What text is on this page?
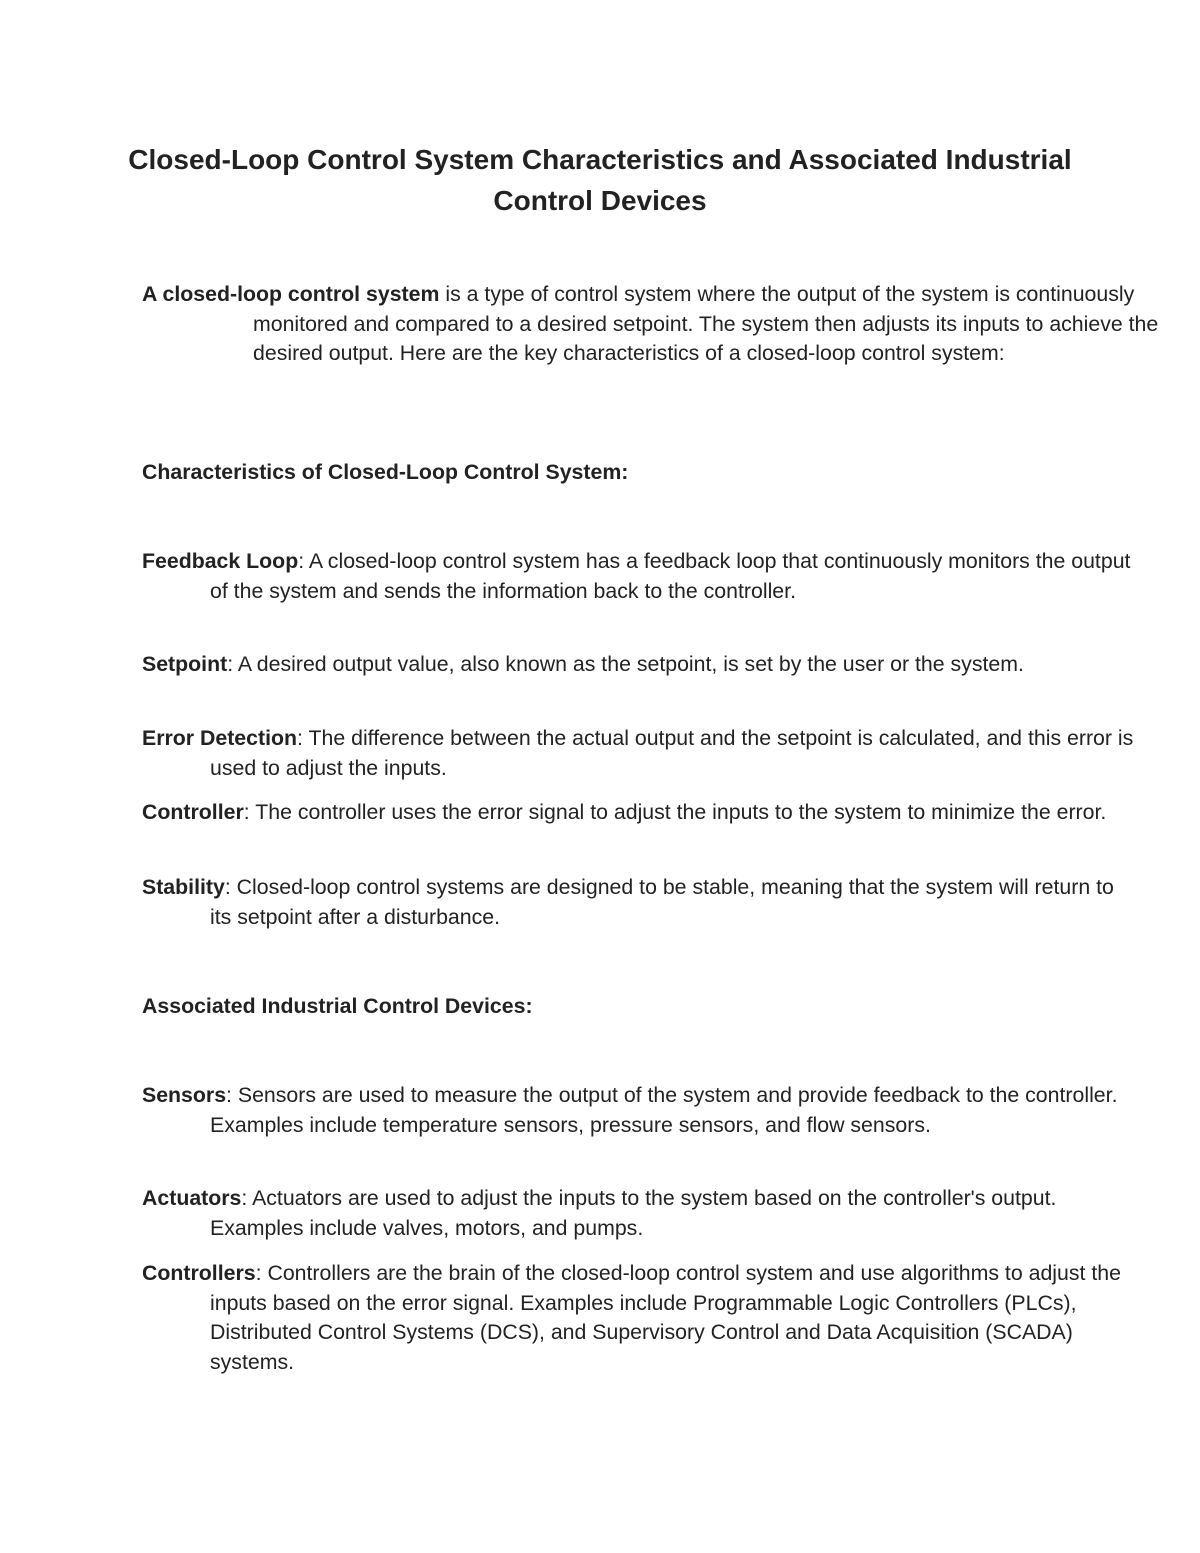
Closed-Loop Control System Characteristics and Associated Industrial Control Devices

A closed-loop control system is a type of control system where the output of the system is continuously monitored and compared to a desired setpoint. The system then adjusts its inputs to achieve the desired output. Here are the key characteristics of a closed-loop control system:

Characteristics of Closed-Loop Control System:

Feedback Loop: A closed-loop control system has a feedback loop that continuously monitors the output of the system and sends the information back to the controller.

Setpoint: A desired output value, also known as the setpoint, is set by the user or the system.

Error Detection: The difference between the actual output and the setpoint is calculated, and this error is used to adjust the inputs.

Controller: The controller uses the error signal to adjust the inputs to the system to minimize the error.

Stability: Closed-loop control systems are designed to be stable, meaning that the system will return to its setpoint after a disturbance.

Associated Industrial Control Devices:

Sensors: Sensors are used to measure the output of the system and provide feedback to the controller. Examples include temperature sensors, pressure sensors, and flow sensors.

Actuators: Actuators are used to adjust the inputs to the system based on the controller's output. Examples include valves, motors, and pumps.

Controllers: Controllers are the brain of the closed-loop control system and use algorithms to adjust the inputs based on the error signal. Examples include Programmable Logic Controllers (PLCs), Distributed Control Systems (DCS), and Supervisory Control and Data Acquisition (SCADA) systems.
